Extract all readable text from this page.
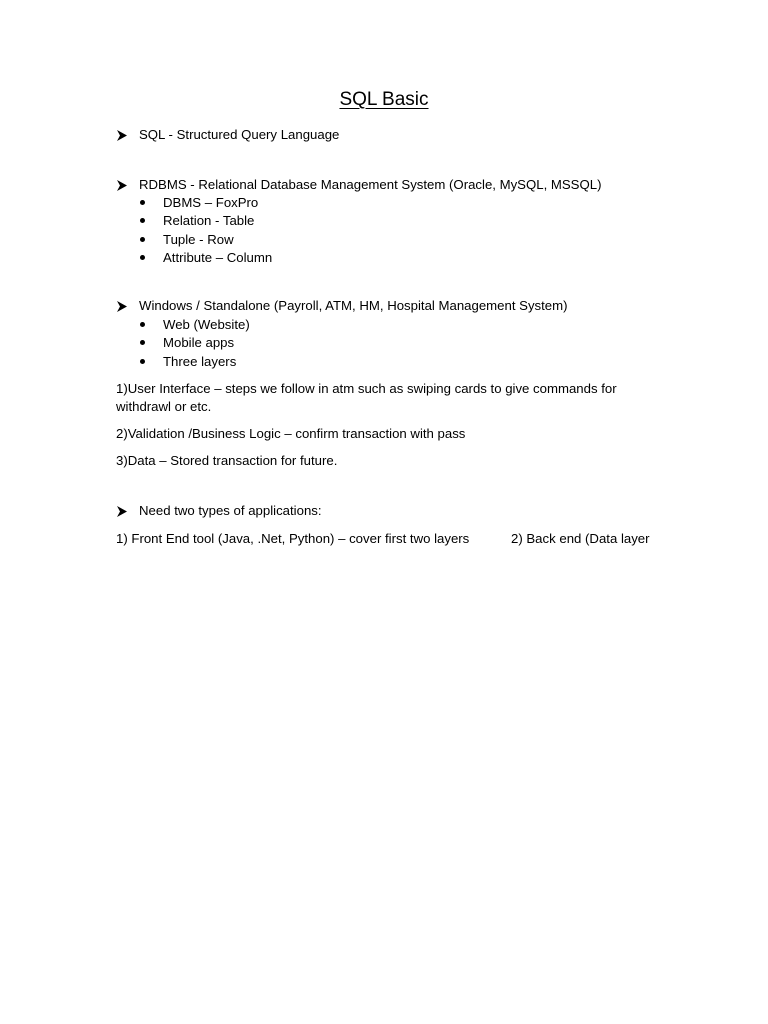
SQL Basic
SQL - Structured Query Language
RDBMS - Relational Database Management System (Oracle, MySQL, MSSQL)
DBMS – FoxPro
Relation - Table
Tuple - Row
Attribute – Column
Windows / Standalone (Payroll, ATM, HM, Hospital Management System)
Web (Website)
Mobile apps
Three layers
1)User Interface – steps we follow in atm such as swiping cards to give commands for withdrawl or etc.
2)Validation /Business Logic – confirm transaction with pass
3)Data – Stored transaction for future.
Need two types of applications:
1) Front End tool (Java, .Net, Python) – cover first two layers	2) Back end (Data layer
